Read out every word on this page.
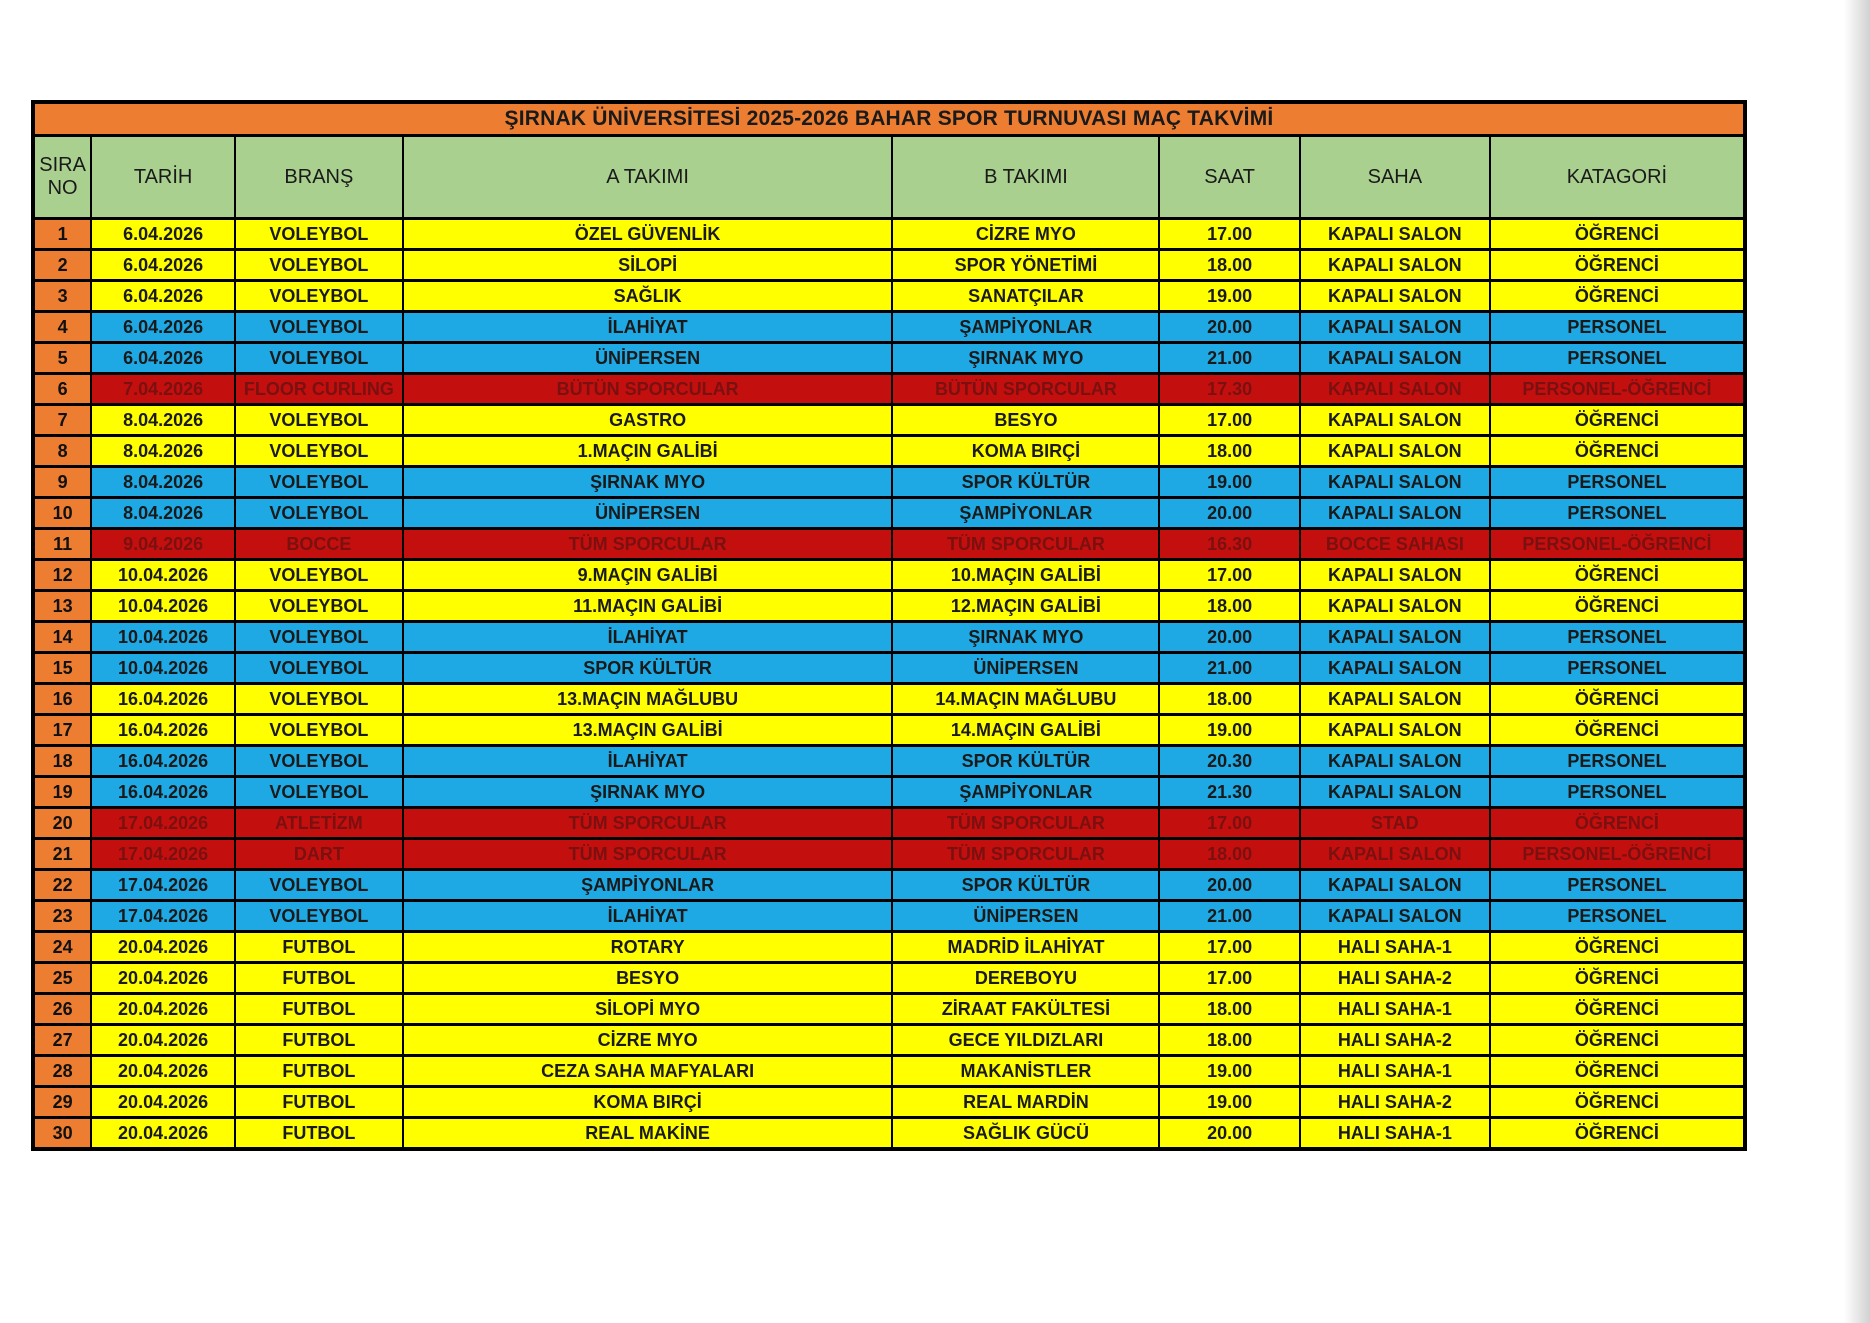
ŞIRNAK ÜNİVERSİTESİ 2025-2026 BAHAR SPOR TURNUVASI MAÇ TAKVİMİ							
SIRA NO	TARİH	BRANŞ	A TAKIMI	B TAKIMI	SAAT	SAHA	KATAGORİ
1	6.04.2026	VOLEYBOL	ÖZEL GÜVENLİK	CİZRE MYO	17.00	KAPALI SALON	ÖĞRENCİ
2	6.04.2026	VOLEYBOL	SİLOPİ	SPOR YÖNETİMİ	18.00	KAPALI SALON	ÖĞRENCİ
3	6.04.2026	VOLEYBOL	SAĞLIK	SANATÇILAR	19.00	KAPALI SALON	ÖĞRENCİ
4	6.04.2026	VOLEYBOL	İLAHİYAT	ŞAMPİYONLAR	20.00	KAPALI SALON	PERSONEL
5	6.04.2026	VOLEYBOL	ÜNİPERSEN	ŞIRNAK MYO	21.00	KAPALI SALON	PERSONEL
6	7.04.2026	FLOOR CURLING	BÜTÜN SPORCULAR	BÜTÜN SPORCULAR	17.30	KAPALI SALON	PERSONEL-ÖĞRENCİ
7	8.04.2026	VOLEYBOL	GASTRO	BESYO	17.00	KAPALI SALON	ÖĞRENCİ
8	8.04.2026	VOLEYBOL	1.MAÇIN GALİBİ	KOMA BIRÇİ	18.00	KAPALI SALON	ÖĞRENCİ
9	8.04.2026	VOLEYBOL	ŞIRNAK MYO	SPOR KÜLTÜR	19.00	KAPALI SALON	PERSONEL
10	8.04.2026	VOLEYBOL	ÜNİPERSEN	ŞAMPİYONLAR	20.00	KAPALI SALON	PERSONEL
11	9.04.2026	BOCCE	TÜM SPORCULAR	TÜM SPORCULAR	16.30	BOCCE SAHASI	PERSONEL-ÖĞRENCİ
12	10.04.2026	VOLEYBOL	9.MAÇIN GALİBİ	10.MAÇIN GALİBİ	17.00	KAPALI SALON	ÖĞRENCİ
13	10.04.2026	VOLEYBOL	11.MAÇIN GALİBİ	12.MAÇIN GALİBİ	18.00	KAPALI SALON	ÖĞRENCİ
14	10.04.2026	VOLEYBOL	İLAHİYAT	ŞIRNAK MYO	20.00	KAPALI SALON	PERSONEL
15	10.04.2026	VOLEYBOL	SPOR KÜLTÜR	ÜNİPERSEN	21.00	KAPALI SALON	PERSONEL
16	16.04.2026	VOLEYBOL	13.MAÇIN MAĞLUBU	14.MAÇIN MAĞLUBU	18.00	KAPALI SALON	ÖĞRENCİ
17	16.04.2026	VOLEYBOL	13.MAÇIN GALİBİ	14.MAÇIN GALİBİ	19.00	KAPALI SALON	ÖĞRENCİ
18	16.04.2026	VOLEYBOL	İLAHİYAT	SPOR KÜLTÜR	20.30	KAPALI SALON	PERSONEL
19	16.04.2026	VOLEYBOL	ŞIRNAK MYO	ŞAMPİYONLAR	21.30	KAPALI SALON	PERSONEL
20	17.04.2026	ATLETİZM	TÜM SPORCULAR	TÜM SPORCULAR	17.00	STAD	ÖĞRENCİ
21	17.04.2026	DART	TÜM SPORCULAR	TÜM SPORCULAR	18.00	KAPALI SALON	PERSONEL-ÖĞRENCİ
22	17.04.2026	VOLEYBOL	ŞAMPİYONLAR	SPOR KÜLTÜR	20.00	KAPALI SALON	PERSONEL
23	17.04.2026	VOLEYBOL	İLAHİYAT	ÜNİPERSEN	21.00	KAPALI SALON	PERSONEL
24	20.04.2026	FUTBOL	ROTARY	MADRİD İLAHİYAT	17.00	HALI SAHA-1	ÖĞRENCİ
25	20.04.2026	FUTBOL	BESYO	DEREBOYU	17.00	HALI SAHA-2	ÖĞRENCİ
26	20.04.2026	FUTBOL	SİLOPİ MYO	ZİRAAT FAKÜLTESİ	18.00	HALI SAHA-1	ÖĞRENCİ
27	20.04.2026	FUTBOL	CİZRE MYO	GECE YILDIZLARI	18.00	HALI SAHA-2	ÖĞRENCİ
28	20.04.2026	FUTBOL	CEZA SAHA MAFYALARI	MAKANİSTLER	19.00	HALI SAHA-1	ÖĞRENCİ
29	20.04.2026	FUTBOL	KOMA BIRÇİ	REAL MARDİN	19.00	HALI SAHA-2	ÖĞRENCİ
30	20.04.2026	FUTBOL	REAL MAKİNE	SAĞLIK GÜCÜ	20.00	HALI SAHA-1	ÖĞRENCİ
